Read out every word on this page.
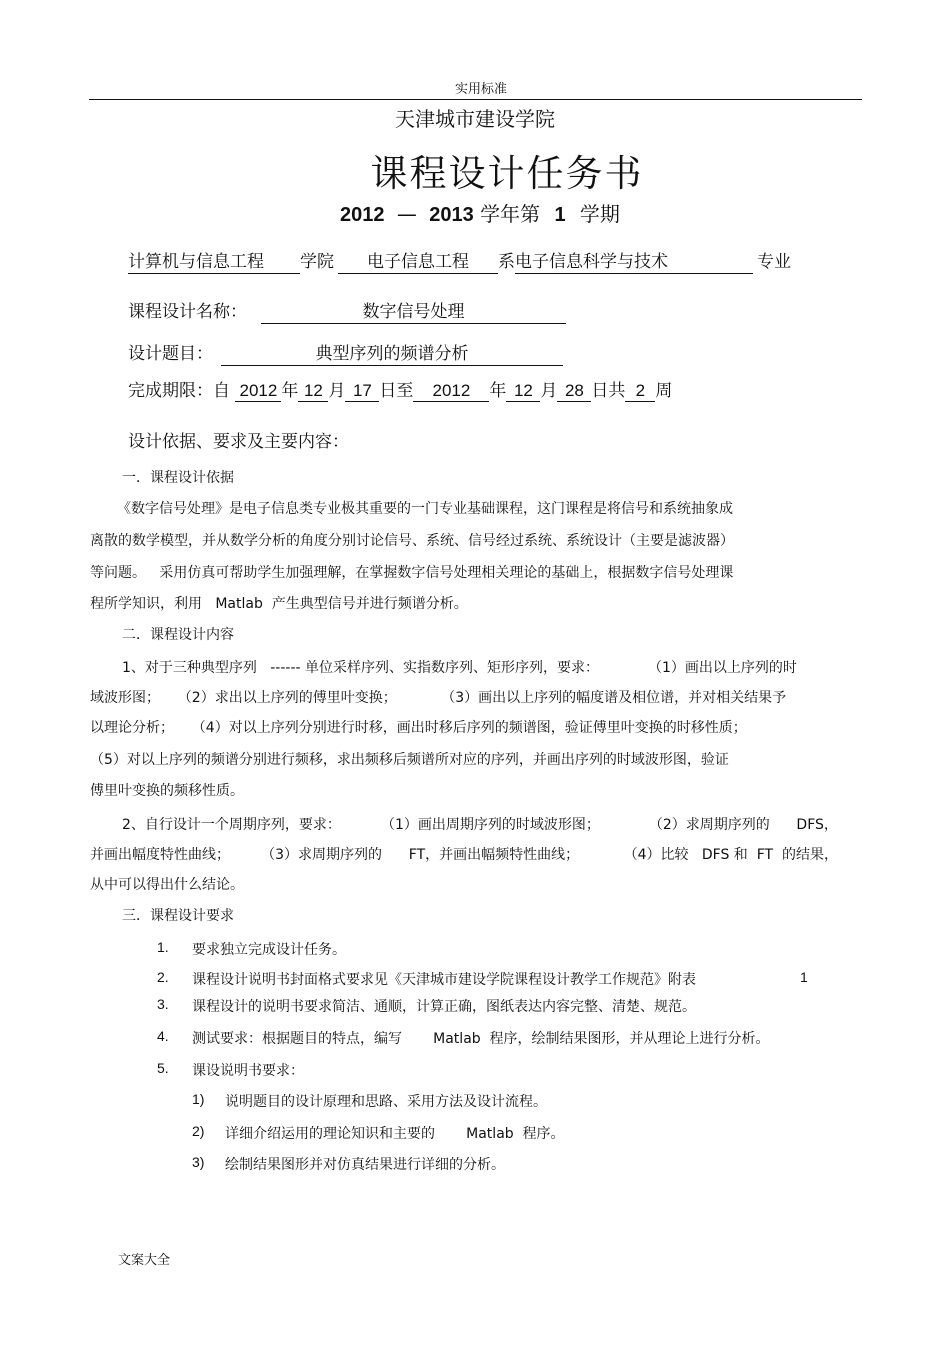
实用标准
天津城市建设学院
课程设计任务书
2012 — 2013 学年第 1 学期
计算机与信息工程 学院 电子信息工程 系电子信息科学与技术	专业
课程设计名称：	数字信号处理
设计题目：	典型序列的频谱分析
完成期限：自 2012 年 12 月 17 日至 2012 年 12 月 28 日共 2 周
设计依据、要求及主要内容：
一．课程设计依据
《数字信号处理》是电子信息类专业极其重要的一门专业基础课程，这门课程是将信号和系统抽象成
离散的数学模型，并从数学分析的角度分别讨论信号、系统、信号经过系统、系统设计（主要是滤波器）
等问题。   采用仿真可帮助学生加强理解，在掌握数字信号处理相关理论的基础上，根据数字信号处理课
程所学知识，利用   Matlab  产生典型信号并进行频谱分析。
二．课程设计内容
1、对于三种典型序列   ------ 单位采样序列、实指数序列、矩形序列，要求：           （1）画出以上序列的时
域波形图；    （2）求出以上序列的傅里叶变换；          （3）画出以上序列的幅度谱及相位谱，并对相关结果予
以理论分析；    （4）对以上序列分别进行时移，画出时移后序列的频谱图，验证傅里叶变换的时移性质；
（5）对以上序列的频谱分别进行频移，求出频移后频谱所对应的序列，并画出序列的时域波形图，验证
傅里叶变换的频移性质。
2、自行设计一个周期序列，要求：         （1）画出周期序列的时域波形图；           （2）求周期序列的      DFS，
并画出幅度特性曲线；       （3）求周期序列的      FT，并画出幅频特性曲线；          （4）比较   DFS 和  FT  的结果，
从中可以得出什么结论。
三．课程设计要求
1. 要求独立完成设计任务。
2. 课程设计说明书封面格式要求见《天津城市建设学院课程设计教学工作规范》附表	1
3. 课程设计的说明书要求简洁、通顺，计算正确，图纸表达内容完整、清楚、规范。
4. 测试要求：根据题目的特点，编写       Matlab  程序，绘制结果图形，并从理论上进行分析。
5. 课设说明书要求：
1) 说明题目的设计原理和思路、采用方法及设计流程。
2) 详细介绍运用的理论知识和主要的       Matlab  程序。
3) 绘制结果图形并对仿真结果进行详细的分析。
文案大全
